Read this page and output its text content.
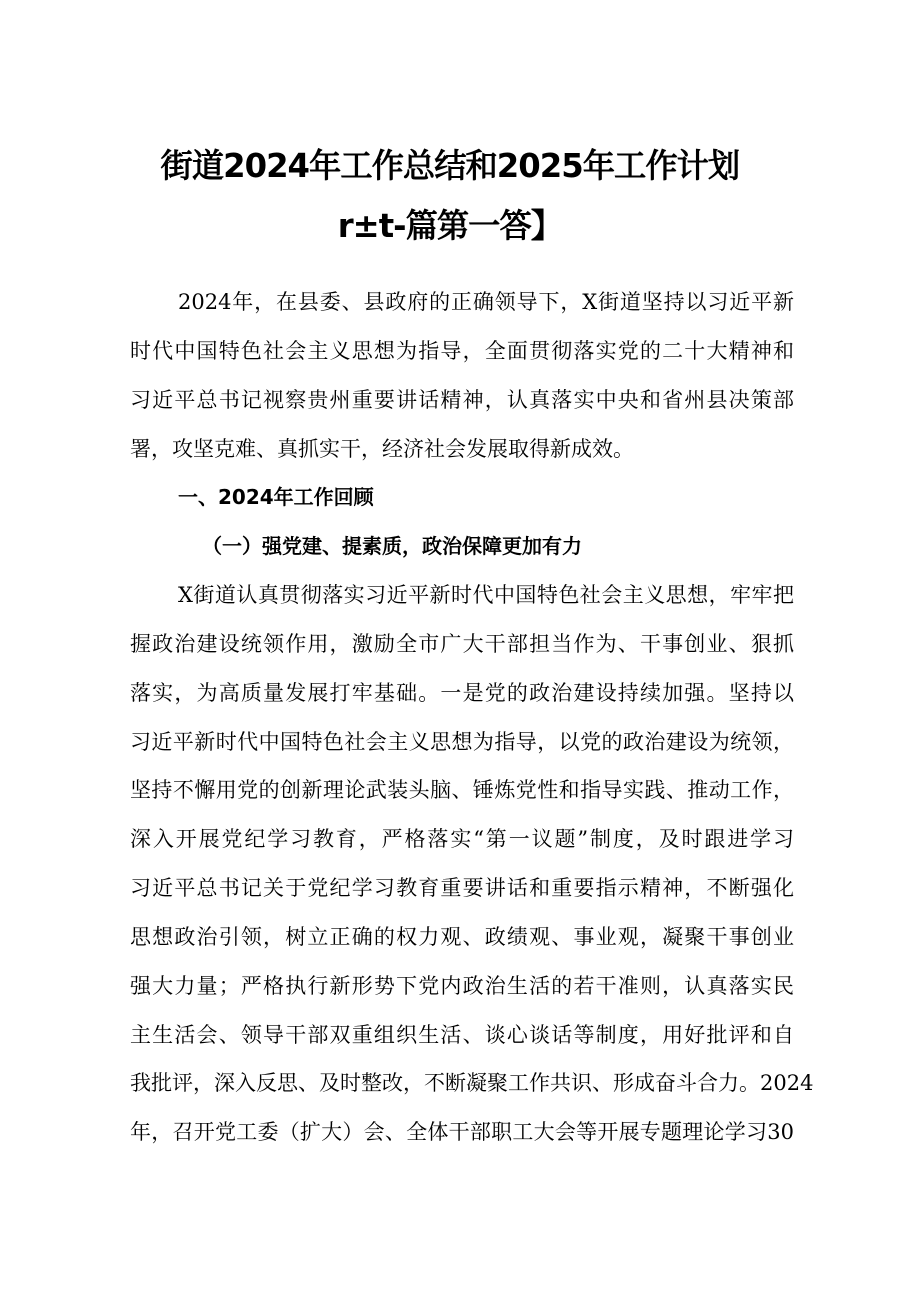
街道2024年工作总结和2025年工作计划
r±t-篇第一答】
2024年，在县委、县政府的正确领导下，X街道坚持以习近平新
时代中国特色社会主义思想为指导，全面贯彻落实党的二十大精神和
习近平总书记视察贵州重要讲话精神，认真落实中央和省州县决策部
署，攻坚克难、真抓实干，经济社会发展取得新成效。
一、2024年工作回顾
（一）强党建、提素质，政治保障更加有力
X街道认真贯彻落实习近平新时代中国特色社会主义思想，牢牢把
握政治建设统领作用，激励全市广大干部担当作为、干事创业、狠抓
落实，为高质量发展打牢基础。一是党的政治建设持续加强。坚持以
习近平新时代中国特色社会主义思想为指导，以党的政治建设为统领，
坚持不懈用党的创新理论武装头脑、锤炼党性和指导实践、推动工作，
深入开展党纪学习教育，严格落实“第一议题”制度，及时跟进学习
习近平总书记关于党纪学习教育重要讲话和重要指示精神，不断强化
思想政治引领，树立正确的权力观、政绩观、事业观，凝聚干事创业
强大力量；严格执行新形势下党内政治生活的若干准则，认真落实民
主生活会、领导干部双重组织生活、谈心谈话等制度，用好批评和自
我批评，深入反思、及时整改，不断凝聚工作共识、形成奋斗合力。2024
年，召开党工委（扩大）会、全体干部职工大会等开展专题理论学习30
